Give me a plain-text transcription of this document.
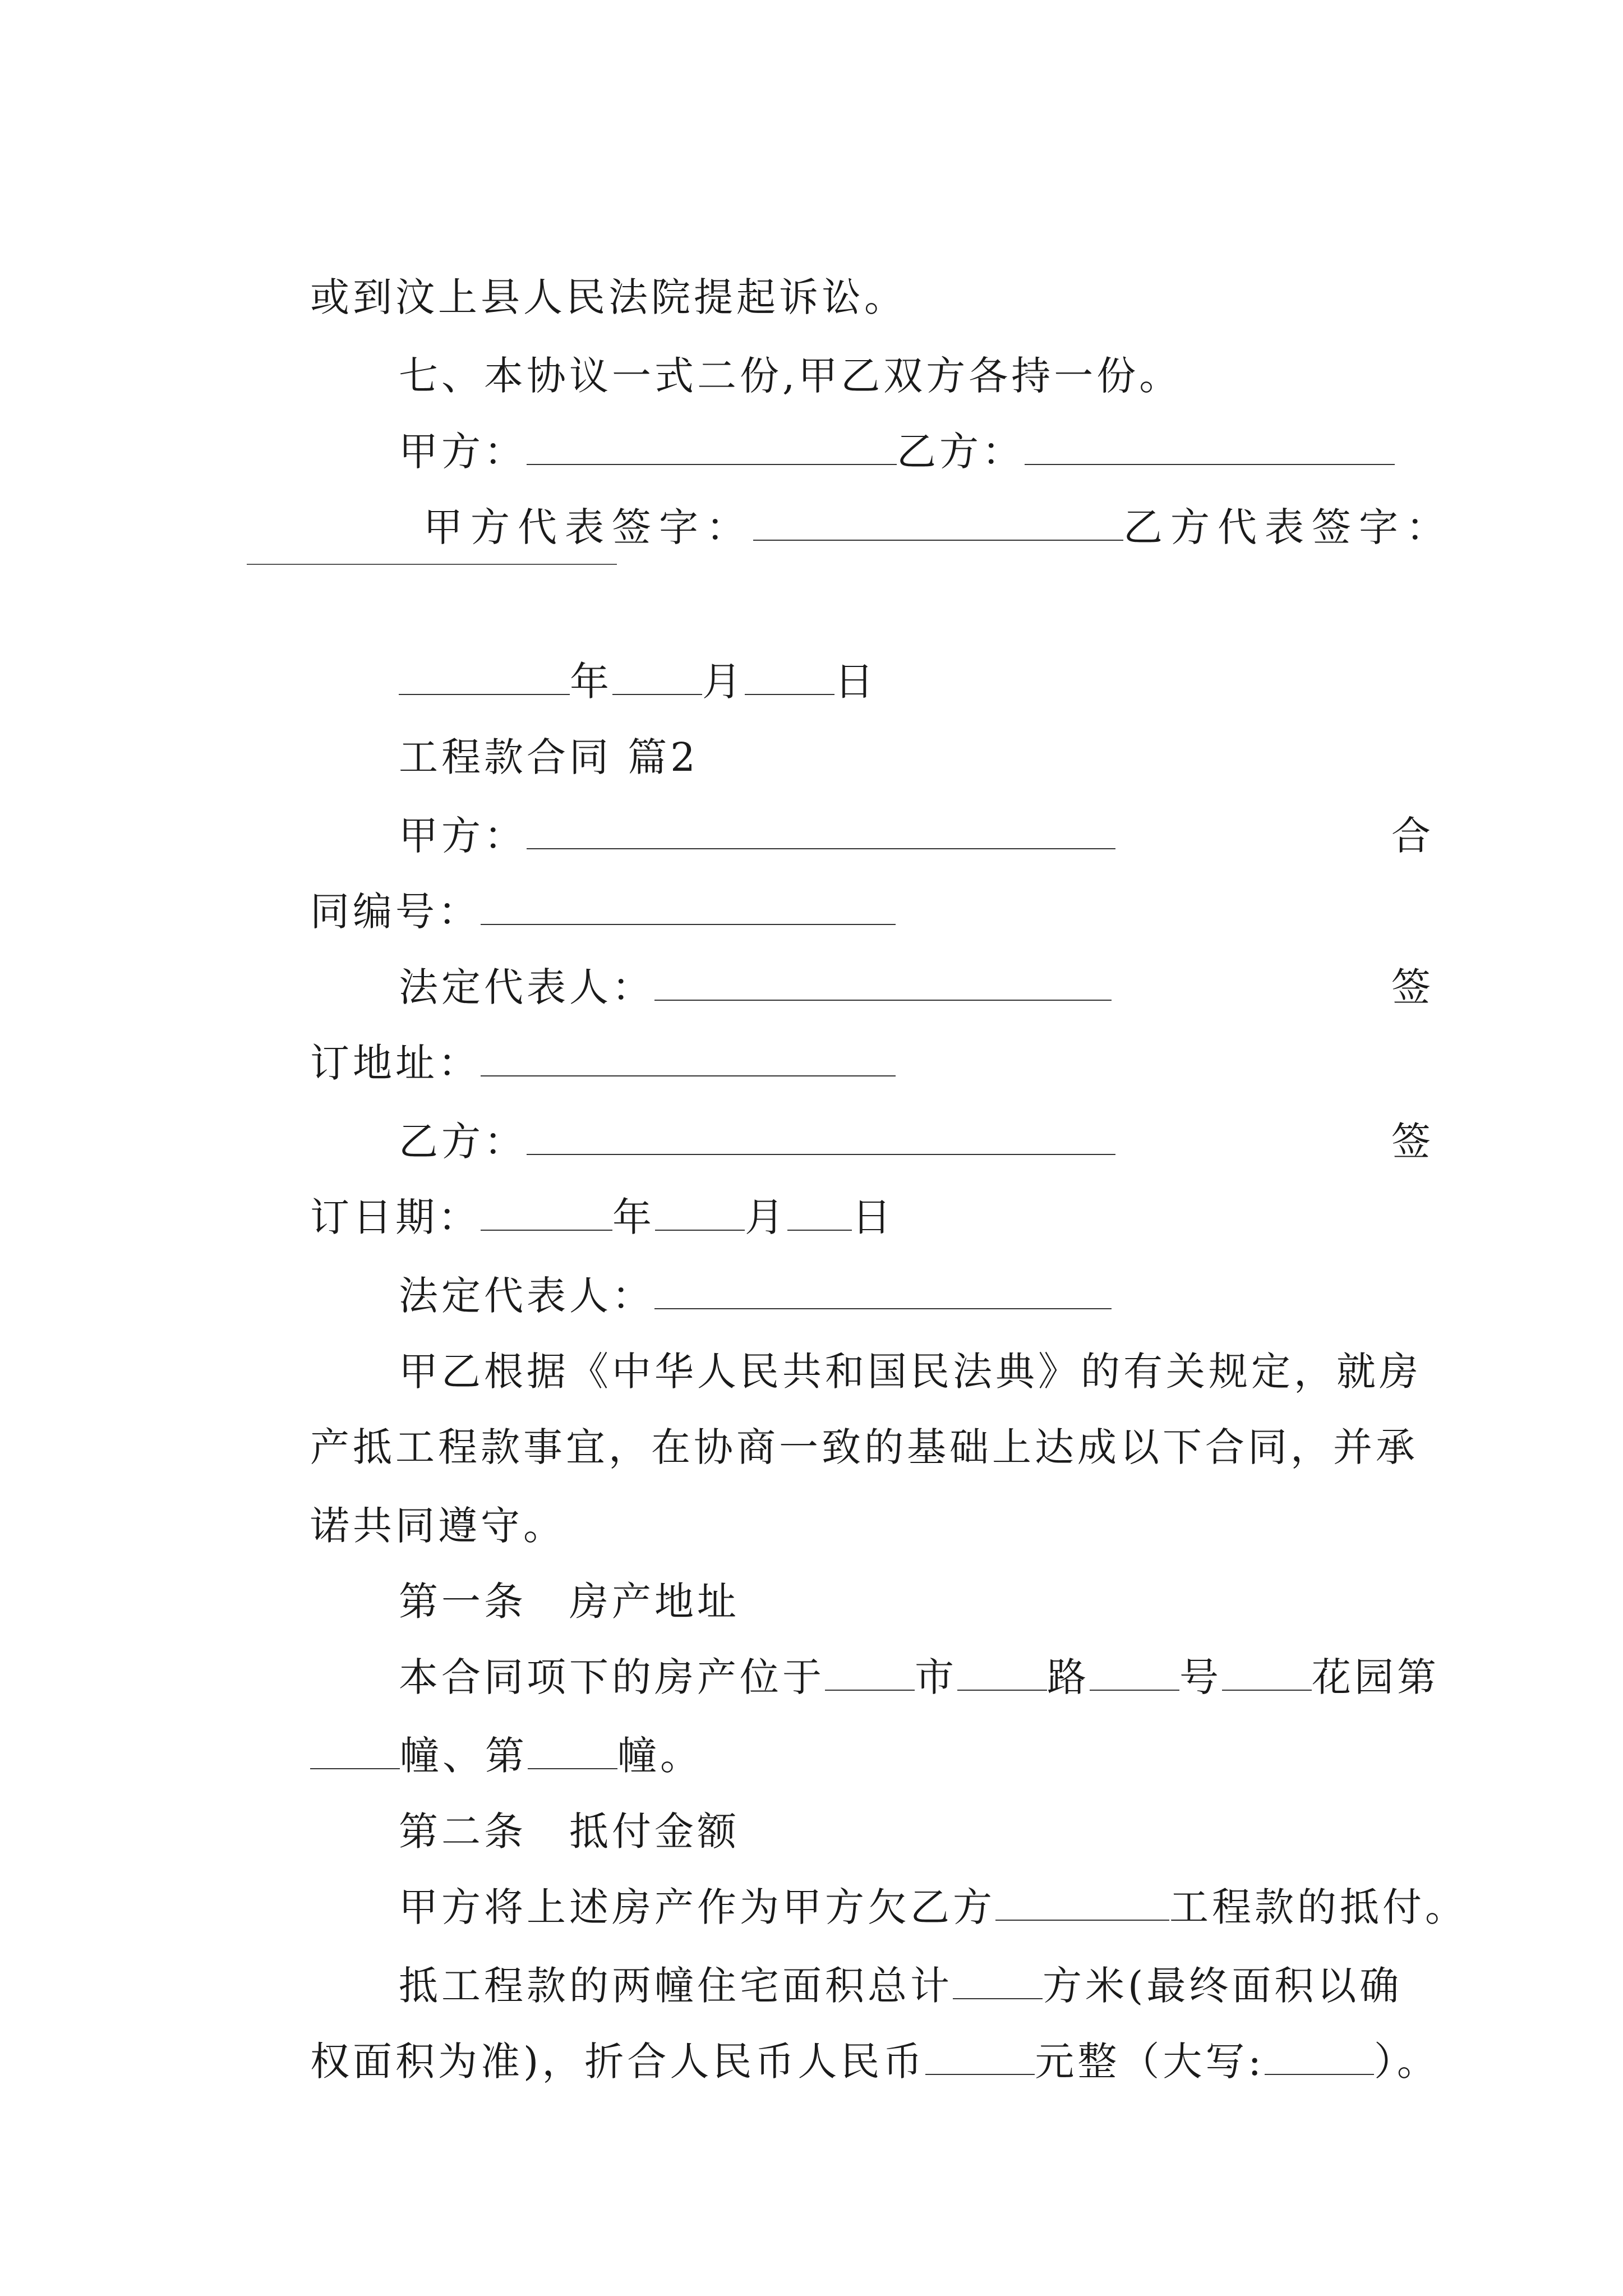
或到汶上县人民法院提起诉讼。

七、本协议一式二份,甲乙双方各持一份。

甲方：	乙方：

甲方代表签字：	乙方代表签字：

年 月 日

工程款合同 篇2

甲方：
	合

同编号：

法定代表人：
	签

订地址：

乙方：
	签

订日期：	年 月 日

法定代表人：

甲乙根据《中华人民共和国民法典》的有关规定，就房

产抵工程款事宜，在协商一致的基础上达成以下合同，并承

诺共同遵守。

第一条　房产地址

本合同项下的房产位于 市 路 号 花园第

幢、第 幢。

第二条　抵付金额

甲方将上述房产作为甲方欠乙方	工程款的抵付。

抵工程款的两幢住宅面积总计 方米(最终面积以确

权面积为准)，折合人民币人民币	元整（大写:	）。
